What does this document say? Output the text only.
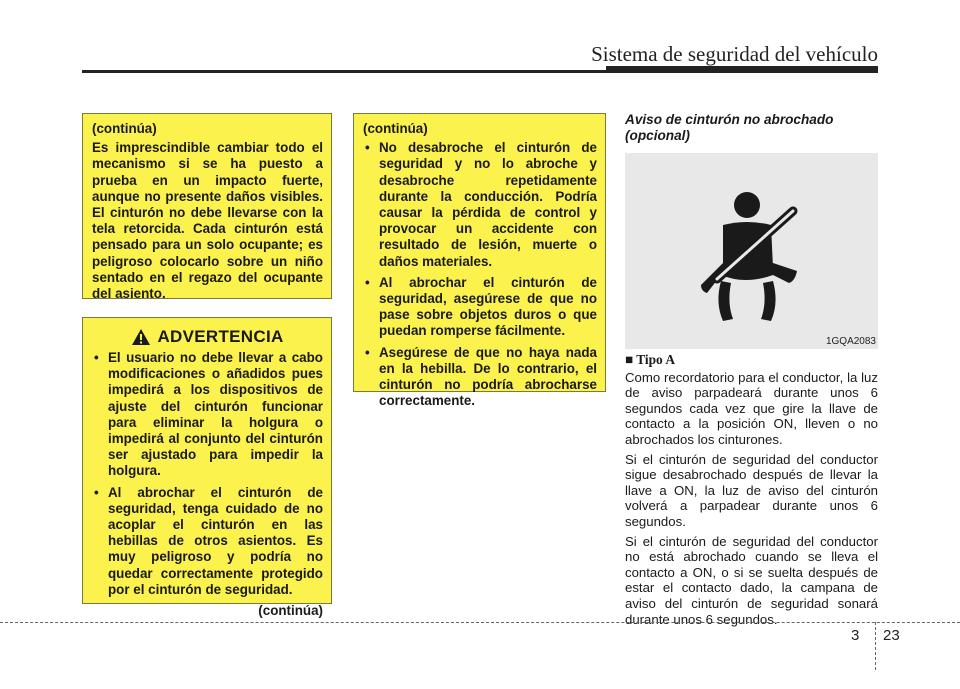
Sistema de seguridad del vehículo

(continúa)

Es imprescindible cambiar todo el mecanismo si se ha puesto a prueba en un impacto fuerte, aunque no presente daños visibles. El cinturón no debe llevarse con la tela retorcida. Cada cinturón está pensado para un solo ocupante; es peligroso colocarlo sobre un niño sentado en el regazo del ocupante del asiento.

ADVERTENCIA
• El usuario no debe llevar a cabo modificaciones o añadidos pues impedirá a los dispositivos de ajuste del cinturón funcionar para eliminar la holgura o impedirá al conjunto del cinturón ser ajustado para impedir la holgura.
• Al abrochar el cinturón de seguridad, tenga cuidado de no acoplar el cinturón en las hebillas de otros asientos. Es muy peligroso y podría no quedar correctamente protegido por el cinturón de seguridad.

(continúa)

(continúa)

• No desabroche el cinturón de seguridad y no lo abroche y desabroche repetidamente durante la conducción. Podría causar la pérdida de control y provocar un accidente con resultado de lesión, muerte o daños materiales.
• Al abrochar el cinturón de seguridad, asegúrese de que no pase sobre objetos duros o que puedan romperse fácilmente.
• Asegúrese de que no haya nada en la hebilla. De lo contrario, el cinturón no podría abrocharse correctamente.
Aviso de cinturón no abrochado
(opcional)
1GQA2083

■ Tipo A

Como recordatorio para el conductor, la luz de aviso parpadeará durante unos 6 segundos cada vez que gire la llave de contacto a la posición ON, lleven o no abrochados los cinturones.

Si el cinturón de seguridad del conductor sigue desabrochado después de llevar la llave a ON, la luz de aviso del cinturón volverá a parpadear durante unos 6 segundos.

Si el cinturón de seguridad del conductor no está abrochado cuando se lleva el contacto a ON, o si se suelta después de estar el contacto dado, la campana de aviso del cinturón de seguridad sonará durante unos 6 segundos.

3 23
